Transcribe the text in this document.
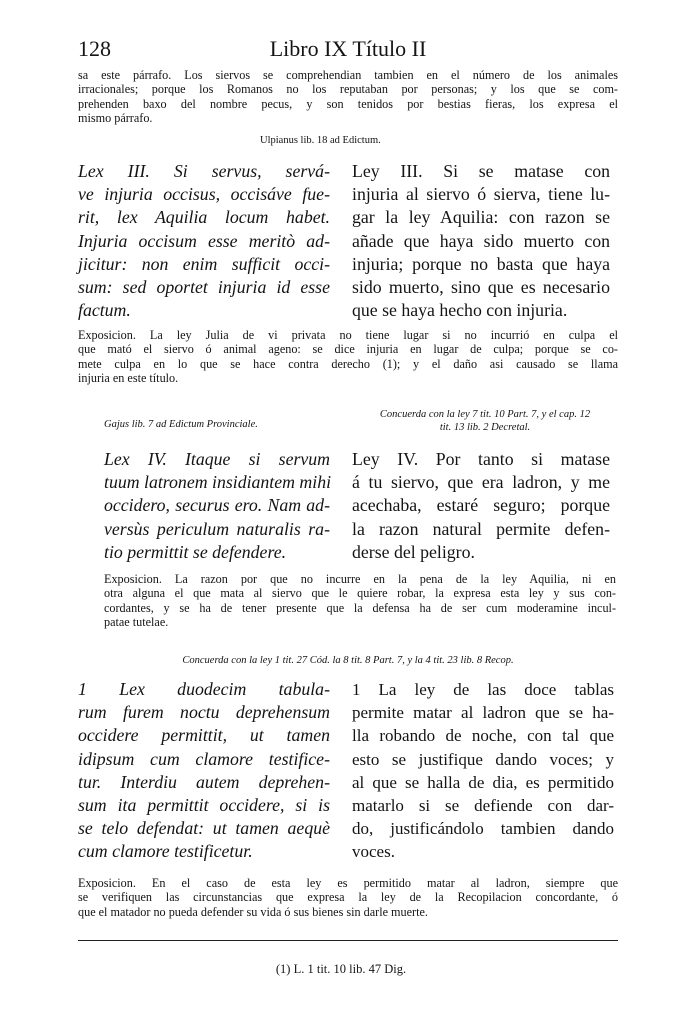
128	Libro IX Título II
sa este párrafo. Los siervos se comprehendian tambien en el número de los animales
irracionales; porque los Romanos no los reputaban por personas; y los que se com-
prehenden baxo del nombre pecus, y son tenidos por bestias fieras, los expresa el
mismo párrafo.
Ulpianus lib. 18 ad Edictum.
Lex III. Si servus, servá-
ve injuria occisus, occisáve fue-
rit, lex Aquilia locum habet.
Injuria occisum esse meritò ad-
jicitur: non enim sufficit occi-
sum: sed oportet injuria id esse
factum.
Ley III. Si se matase con
injuria al siervo ó sierva, tiene lu-
gar la ley Aquilia: con razon se
añade que haya sido muerto con
injuria; porque no basta que haya
sido muerto, sino que es necesario
que se haya hecho con injuria.
Exposicion. La ley Julia de vi privata no tiene lugar si no incurrió en culpa el
que mató el siervo ó animal ageno: se dice injuria en lugar de culpa; porque se co-
mete culpa en lo que se hace contra derecho (1); y el daño asi causado se llama
injuria en este título.
Gajus lib. 7 ad Edictum Provinciale.
Concuerda con la ley 7 tit. 10 Part. 7, y el cap. 12
tit. 13 lib. 2 Decretal.
Lex IV. Itaque si servum
tuum latronem insidiantem mihi
occidero, securus ero. Nam ad-
versùs periculum naturalis ra-
tio permittit se defendere.
Ley IV. Por tanto si matase
á tu siervo, que era ladron, y me
acechaba, estaré seguro; porque
la razon natural permite defen-
derse del peligro.
Exposicion. La razon por que no incurre en la pena de la ley Aquilia, ni en
otra alguna el que mata al siervo que le quiere robar, la expresa esta ley y sus con-
cordantes, y se ha de tener presente que la defensa ha de ser cum moderamine incul-
patae tutelae.
Concuerda con la ley 1 tit. 27 Cód. la 8 tit. 8 Part. 7, y la 4 tit. 23 lib. 8 Recop.
1 Lex duodecim tabula-
rum furem noctu deprehensum
occidere permittit, ut tamen
idipsum cum clamore testifice-
tur. Interdiu autem deprehen-
sum ita permittit occidere, si is
se telo defendat: ut tamen aequè
cum clamore testificetur.
1 La ley de las doce tablas
permite matar al ladron que se ha-
lla robando de noche, con tal que
esto se justifique dando voces; y
al que se halla de dia, es permitido
matarlo si se defiende con dar-
do, justificándolo tambien dando
voces.
Exposicion. En el caso de esta ley es permitido matar al ladron, siempre que
se verifiquen las circunstancias que expresa la ley de la Recopilacion concordante, ó
que el matador no pueda defender su vida ó sus bienes sin darle muerte.
(1) L. 1 tit. 10 lib. 47 Dig.
